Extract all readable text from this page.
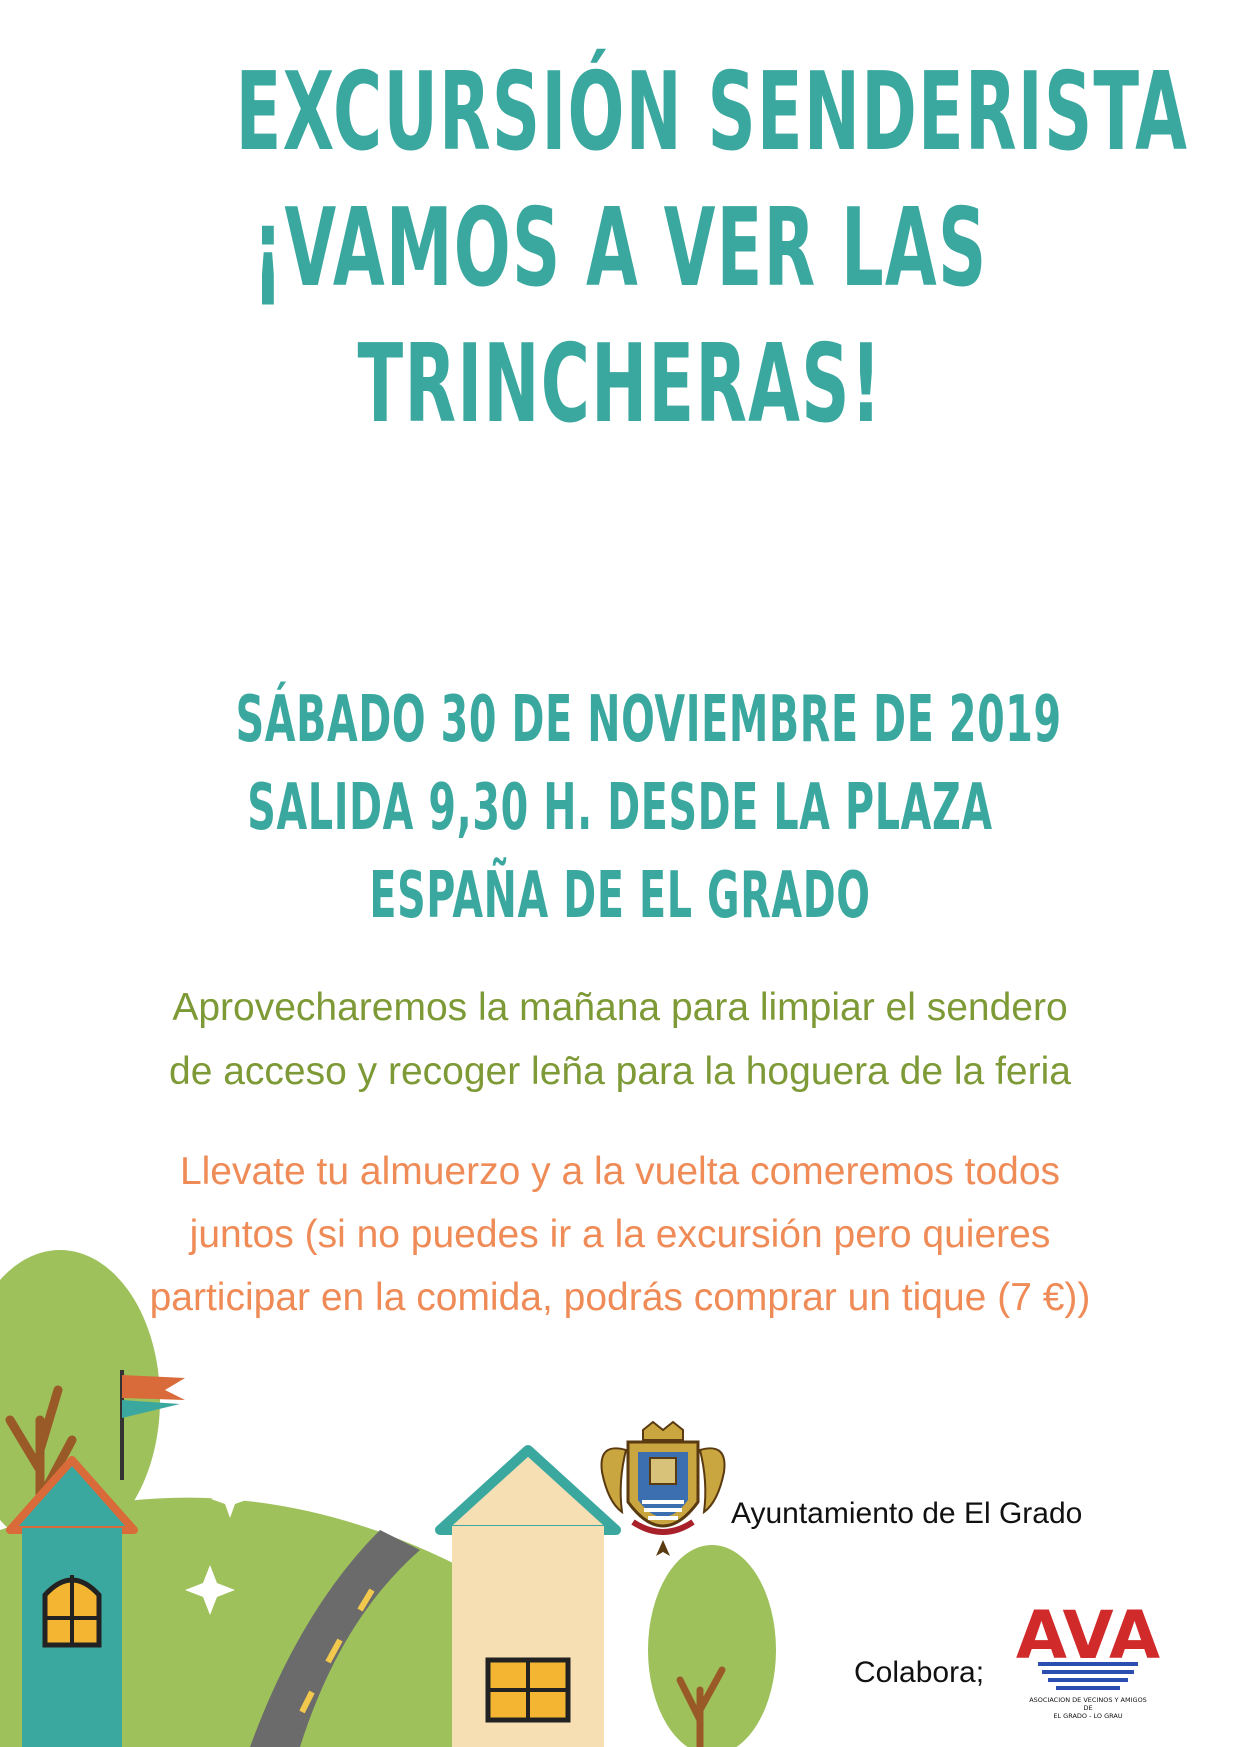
EXCURSIÓN SENDERISTA
¡VAMOS A VER LAS
TRINCHERAS!
SÁBADO 30 DE NOVIEMBRE DE 2019
SALIDA 9,30 H. DESDE LA PLAZA
ESPAÑA DE EL GRADO
Aprovecharemos la mañana para limpiar el sendero
de acceso y recoger leña para la hoguera de la feria
Llevate tu almuerzo y a la vuelta comeremos todos
juntos (si no puedes ir a la excursión pero quieres
participar en la comida, podrás comprar un tique (7 €))
Ayuntamiento de El Grado
Colabora; AVA
ASOCIACION DE VECINOS Y AMIGOS
DE
EL GRADO - LO GRAU
